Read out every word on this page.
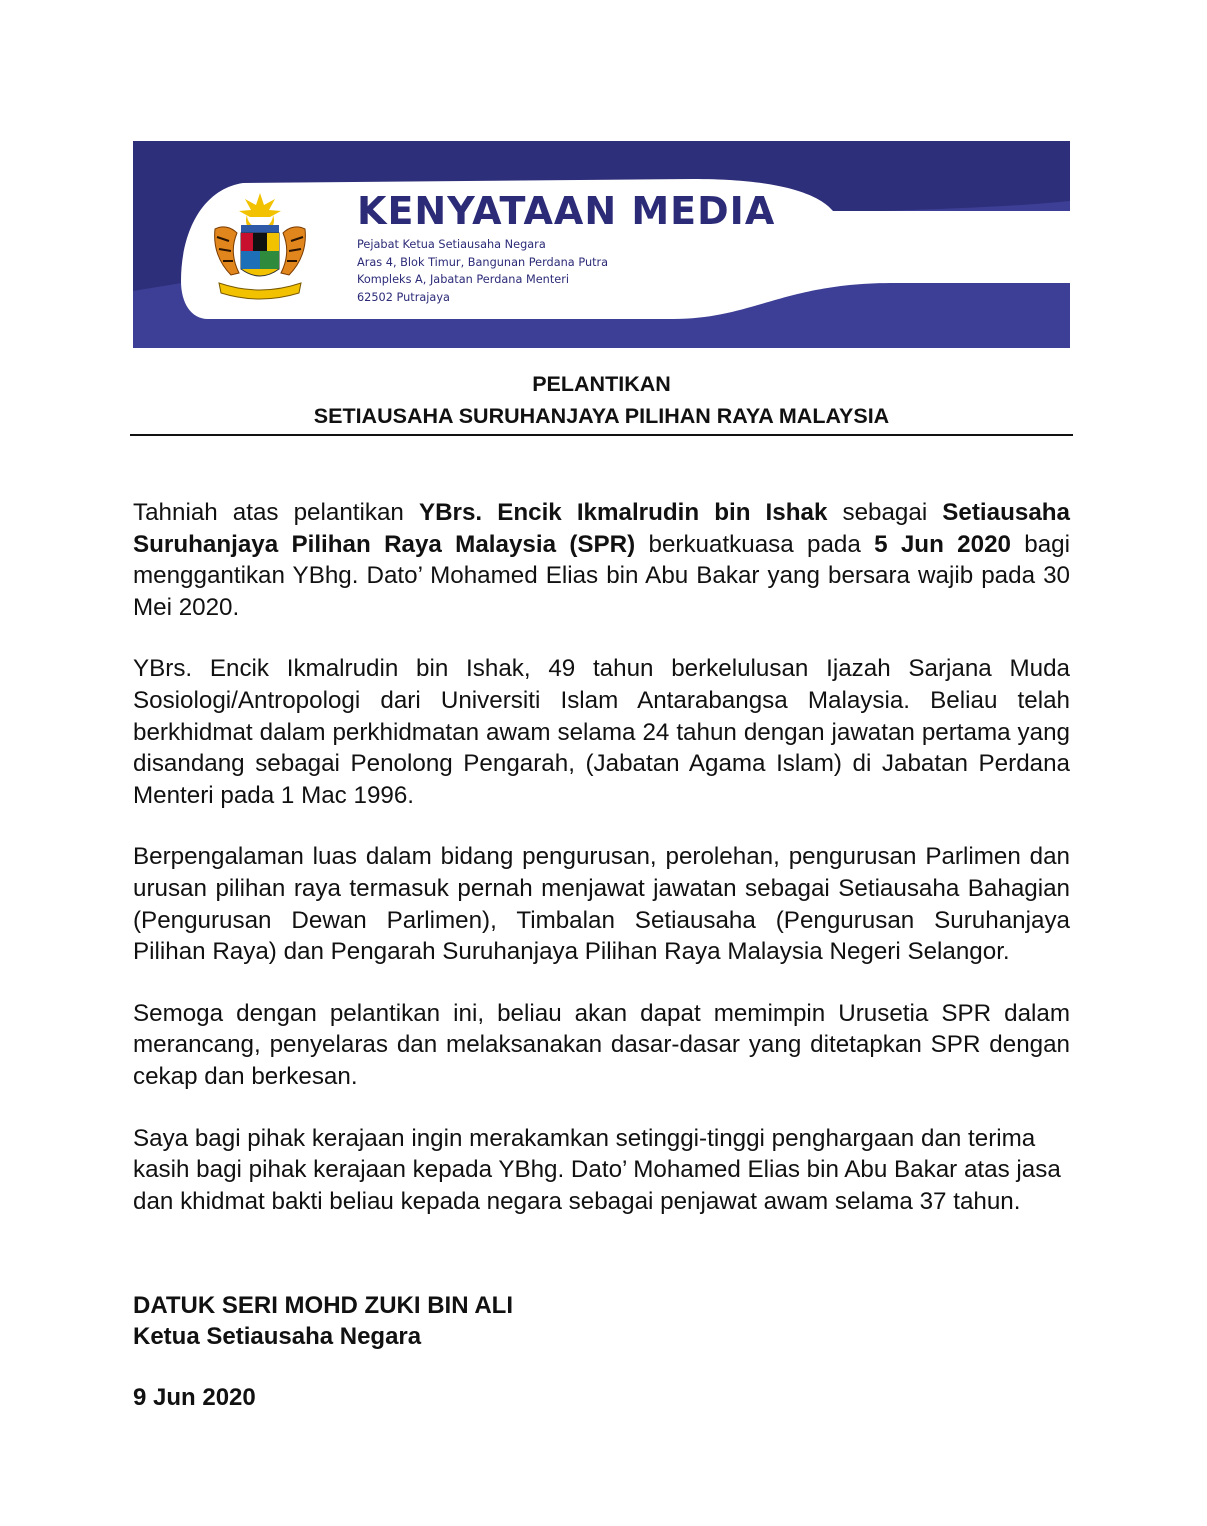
KENYATAAN MEDIA
Pejabat Ketua Setiausaha Negara
Aras 4, Blok Timur, Bangunan Perdana Putra
Kompleks A, Jabatan Perdana Menteri
62502 Putrajaya
PELANTIKAN
SETIAUSAHA SURUHANJAYA PILIHAN RAYA MALAYSIA

Tahniah atas pelantikan YBrs. Encik Ikmalrudin bin Ishak sebagai Setiausaha Suruhanjaya Pilihan Raya Malaysia (SPR) berkuatkuasa pada 5 Jun 2020 bagi menggantikan YBhg. Dato’ Mohamed Elias bin Abu Bakar yang bersara wajib pada 30 Mei 2020.

YBrs. Encik Ikmalrudin bin Ishak, 49 tahun berkelulusan Ijazah Sarjana Muda Sosiologi/Antropologi dari Universiti Islam Antarabangsa Malaysia. Beliau telah berkhidmat dalam perkhidmatan awam selama 24 tahun dengan jawatan pertama yang disandang sebagai Penolong Pengarah, (Jabatan Agama Islam) di Jabatan Perdana Menteri pada 1 Mac 1996.

Berpengalaman luas dalam bidang pengurusan, perolehan, pengurusan Parlimen dan urusan pilihan raya termasuk pernah menjawat jawatan sebagai Setiausaha Bahagian (Pengurusan Dewan Parlimen), Timbalan Setiausaha (Pengurusan Suruhanjaya Pilihan Raya) dan Pengarah Suruhanjaya Pilihan Raya Malaysia Negeri Selangor.

Semoga dengan pelantikan ini, beliau akan dapat memimpin Urusetia SPR dalam merancang, penyelaras dan melaksanakan dasar-dasar yang ditetapkan SPR dengan cekap dan berkesan.

Saya bagi pihak kerajaan ingin merakamkan setinggi-tinggi penghargaan dan terima kasih bagi pihak kerajaan kepada YBhg. Dato’ Mohamed Elias bin Abu Bakar atas jasa dan khidmat bakti beliau kepada negara sebagai penjawat awam selama 37 tahun.

DATUK SERI MOHD ZUKI BIN ALI
Ketua Setiausaha Negara
9 Jun 2020
